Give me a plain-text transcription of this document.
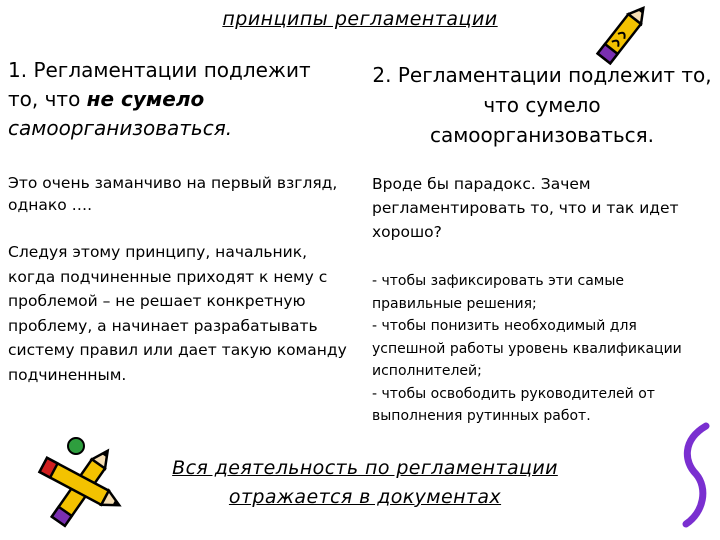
принципы регламентации
1. Регламентации подлежит
то, что не сумело
самоорганизоваться.
Это очень заманчиво на первый взгляд, однако ….
Следуя этому принципу, начальник, когда подчиненные приходят к нему с проблемой – не решает конкретную проблему, а начинает разрабатывать систему правил или дает такую команду подчиненным.
2. Регламентации подлежит то, что сумело самоорганизоваться.
Вроде бы парадокс. Зачем регламентировать то, что и так идет хорошо?
- чтобы зафиксировать эти самые правильные решения;
- чтобы понизить необходимый для успешной работы уровень квалификации исполнителей;
- чтобы освободить руководителей от выполнения рутинных работ.
Вся деятельность по регламентации
отражается в документах
